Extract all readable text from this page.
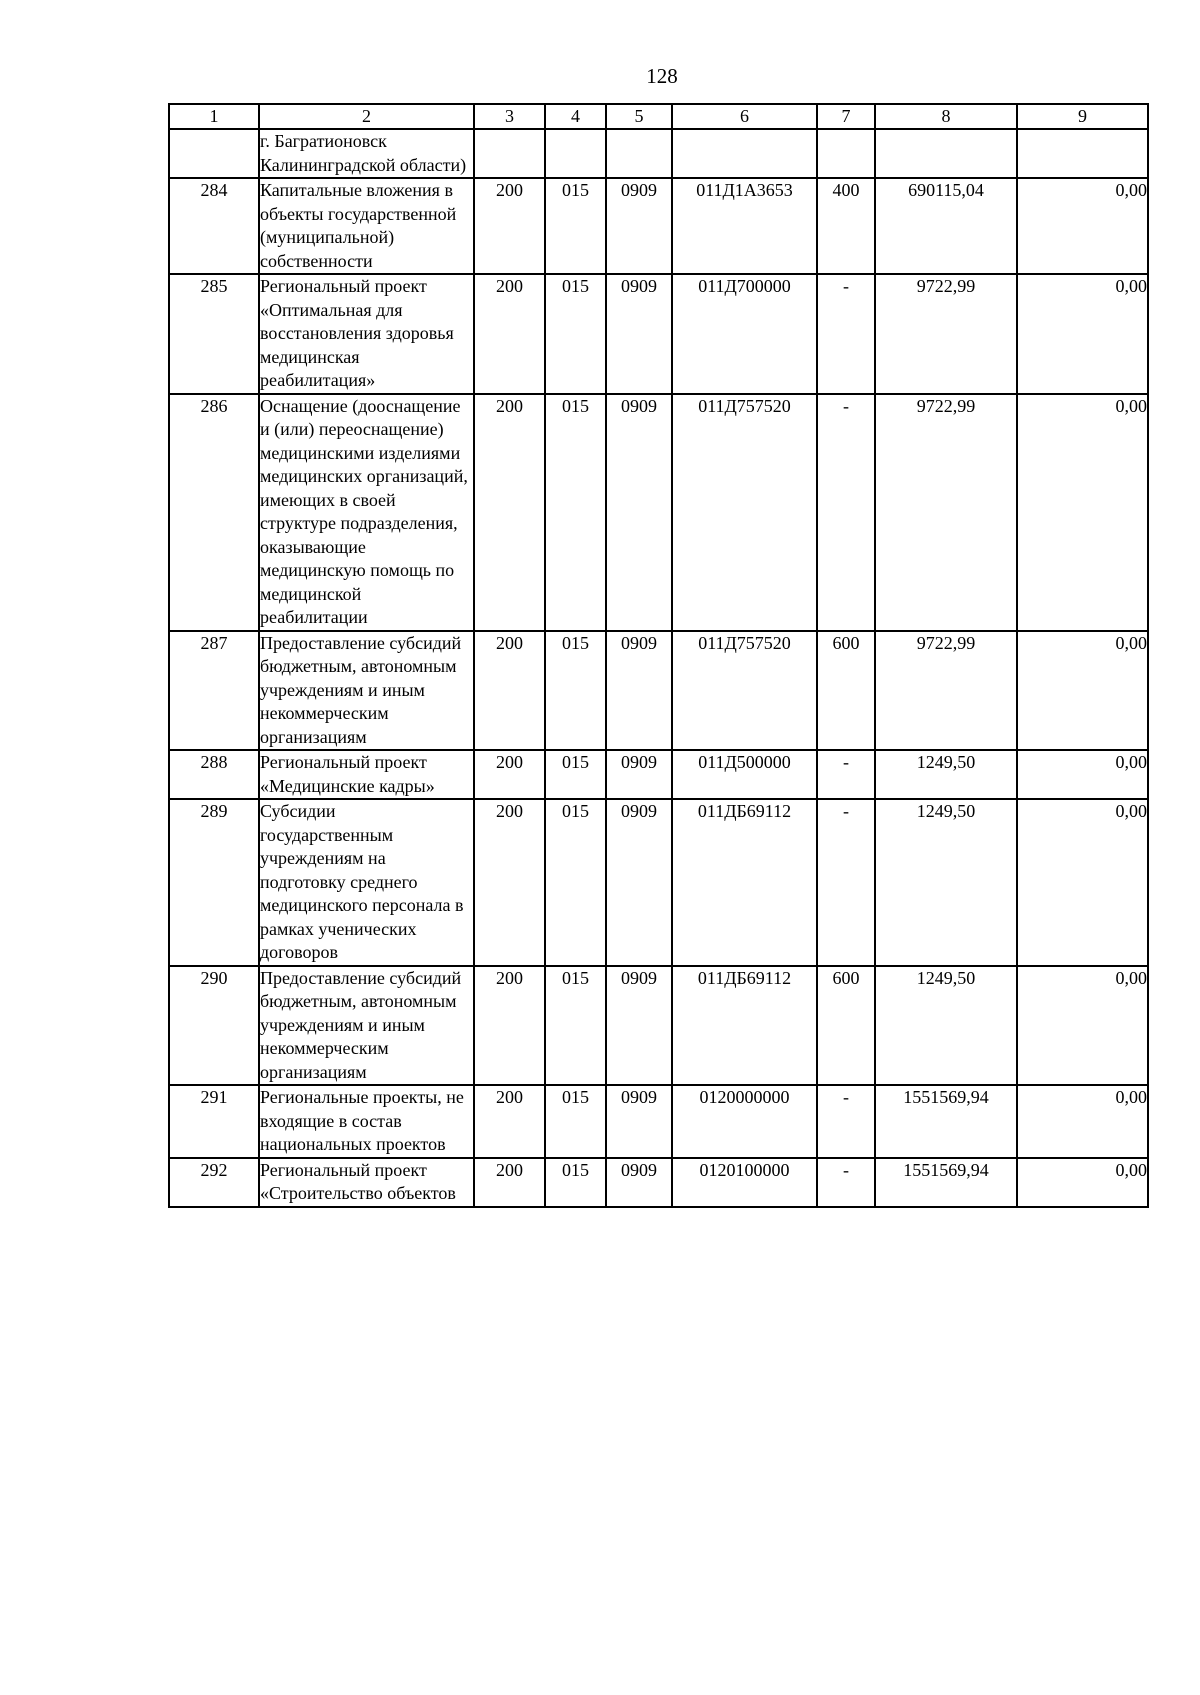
128
1	2	3	4	5	6	7	8	9
	г. Багратионовск Калининградской области)							
284	Капитальные вложения в объекты государственной (муниципальной) собственности	200	015	0909	011Д1А3653	400	690115,04	0,00
285	Региональный проект «Оптимальная для восстановления здоровья медицинская реабилитация»	200	015	0909	011Д700000	-	9722,99	0,00
286	Оснащение (дооснащение и (или) переоснащение) медицинскими изделиями медицинских организаций, имеющих в своей структуре подразделения, оказывающие медицинскую помощь по медицинской реабилитации	200	015	0909	011Д757520	-	9722,99	0,00
287	Предоставление субсидий бюджетным, автономным учреждениям и иным некоммерческим организациям	200	015	0909	011Д757520	600	9722,99	0,00
288	Региональный проект «Медицинские кадры»	200	015	0909	011Д500000	-	1249,50	0,00
289	Субсидии государственным учреждениям на подготовку среднего медицинского персонала в рамках ученических договоров	200	015	0909	011ДБ69112	-	1249,50	0,00
290	Предоставление субсидий бюджетным, автономным учреждениям и иным некоммерческим организациям	200	015	0909	011ДБ69112	600	1249,50	0,00
291	Региональные проекты, не входящие в состав национальных проектов	200	015	0909	0120000000	-	1551569,94	0,00
292	Региональный проект «Строительство объектов	200	015	0909	0120100000	-	1551569,94	0,00
